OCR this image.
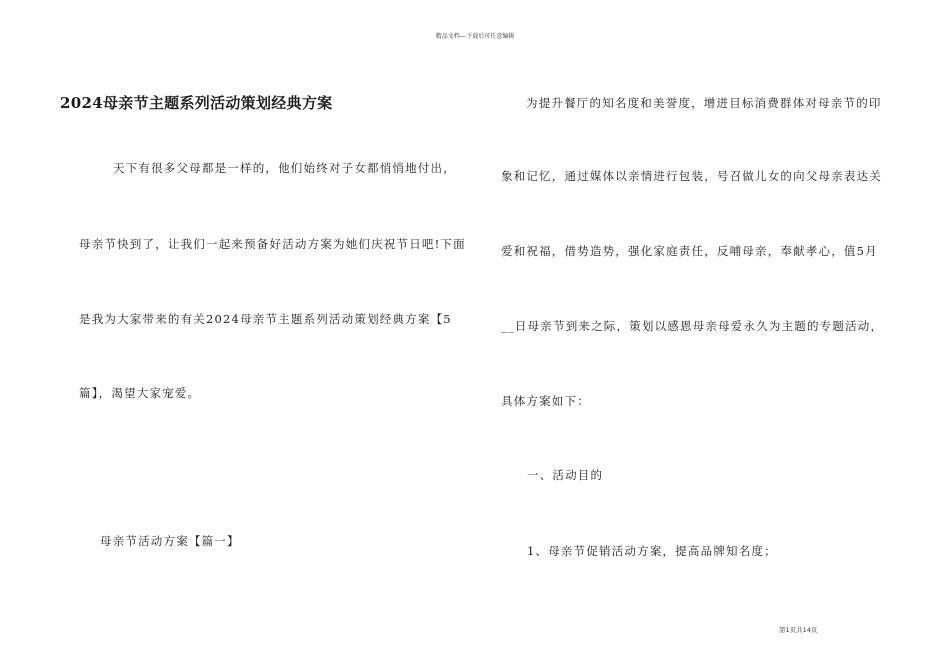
精品文档---下载后可任意编辑
2024母亲节主题系列活动策划经典方案
天下有很多父母都是一样的，他们始终对子女都悄悄地付出，
母亲节快到了，让我们一起来预备好活动方案为她们庆祝节日吧!下面
是我为大家带来的有关2024母亲节主题系列活动策划经典方案【5
篇】，渴望大家宠爱。
母亲节活动方案【篇一】
为提升餐厅的知名度和美誉度，增进目标消费群体对母亲节的印
象和记忆，通过媒体以亲情进行包装，号召做儿女的向父母亲表达关
爱和祝福，借势造势，强化家庭责任，反哺母亲，奉献孝心，值5月
__日母亲节到来之际，策划以感恩母亲母爱永久为主题的专题活动，
具体方案如下：
一、活动目的
1、母亲节促销活动方案，提高品牌知名度；
第1页共14页
